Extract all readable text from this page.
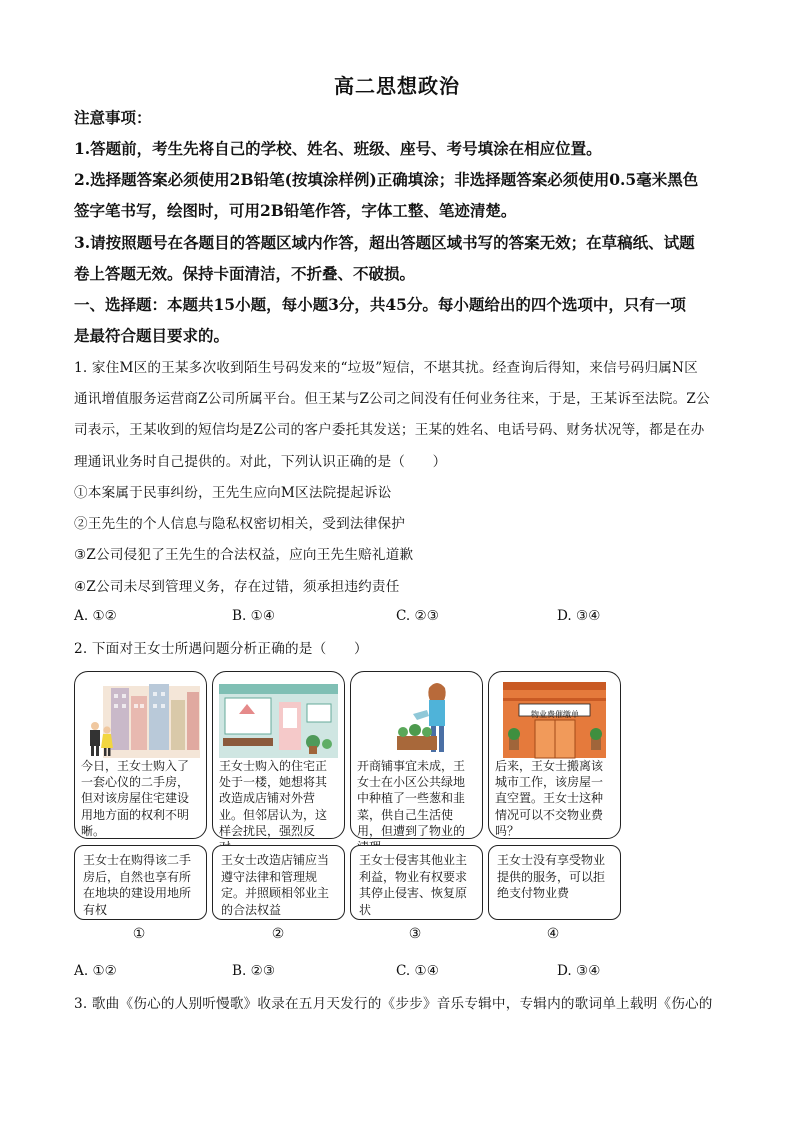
高二思想政治
注意事项：
1.答题前，考生先将自己的学校、姓名、班级、座号、考号填涂在相应位置。
2.选择题答案必须使用2B铅笔(按填涂样例)正确填涂；非选择题答案必须使用0.5毫米黑色
签字笔书写，绘图时，可用2B铅笔作答，字体工整、笔迹清楚。
3.请按照题号在各题目的答题区域内作答，超出答题区域书写的答案无效；在草稿纸、试题
卷上答题无效。保持卡面清洁，不折叠、不破损。
一、选择题：本题共15小题，每小题3分，共45分。每小题给出的四个选项中，只有一项
是最符合题目要求的。
1. 家住M区的王某多次收到陌生号码发来的“垃圾”短信，不堪其扰。经查询后得知，来信号码归属N区
通讯增值服务运营商Z公司所属平台。但王某与Z公司之间没有任何业务往来，于是，王某诉至法院。Z公
司表示，王某收到的短信均是Z公司的客户委托其发送；王某的姓名、电话号码、财务状况等，都是在办
理通讯业务时自己提供的。对此，下列认识正确的是（　　）
①本案属于民事纠纷，王先生应向M区法院提起诉讼
②王先生的个人信息与隐私权密切相关，受到法律保护
③Z公司侵犯了王先生的合法权益，应向王先生赔礼道歉
④Z公司未尽到管理义务，存在过错，须承担违约责任
A. ①②	B. ①④	C. ②③	D. ③④
2. 下面对王女士所遇问题分析正确的是（　　）
今日，王女士购入了一套心仪的二手房，但对该房屋住宅建设用地方面的权利不明晰。
王女士购入的住宅正处于一楼，她想将其改造成店铺对外营业。但邻居认为，这样会扰民，强烈反
开商铺事宜未成，王女士在小区公共绿地中种植了一些葱和韭菜，供自己生活使用，但遭到了物业的
物业费催缴单
后来，王女士搬离该城市工作，该房屋一直空置。王女士这种情况可以不交物业费吗？
王女士在购得该二手房后，自然也享有所在地块的建设用地所有权
王女士改造店铺应当遵守法律和管理规定。并照顾相邻业主的合法权益
王女士侵害其他业主利益，物业有权要求其停止侵害、恢复原状
王女士没有享受物业提供的服务，可以拒绝支付物业费
①	②	③	④
A. ①②	B. ②③	C. ①④	D. ③④
3. 歌曲《伤心的人别听慢歌》收录在五月天发行的《步步》音乐专辑中，专辑内的歌词单上载明《伤心的
